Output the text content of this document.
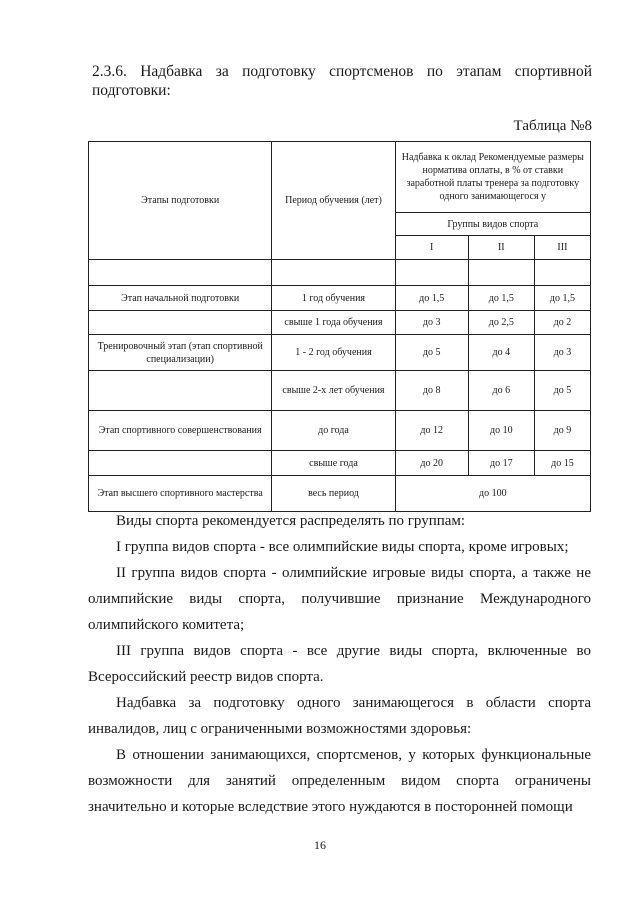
2.3.6. Надбавка за подготовку спортсменов по этапам спортивной подготовки:
Таблица №8
Этапы подготовки	Период обучения (лет)	Надбавка к оклад Рекомендуемые размеры норматива оплаты, в % от ставки заработной платы тренера за подготовку одного занимающегося у		
		Группы видов спорта		
		I	II	III

Этап начальной подготовки	1 год обучения	до 1,5	до 1,5	до 1,5
	свыше 1 года обучения	до 3	до 2,5	до 2
Тренировочный этап (этап спортивной специализации)	1 - 2 год обучения	до 5	до 4	до 3
	свыше 2-х лет обучения	до 8	до 6	до 5
Этап спортивного совершенствования	до года	до 12	до 10	до 9
	свыше года	до 20	до 17	до 15
Этап высшего спортивного мастерства	весь период	до 100		

Виды спорта рекомендуется распределять по группам:

I группа видов спорта - все олимпийские виды спорта, кроме игровых;

II группа видов спорта - олимпийские игровые виды спорта, а также не олимпийские виды спорта, получившие признание Международного олимпийского комитета;

III группа видов спорта - все другие виды спорта, включенные во Всероссийский реестр видов спорта.

Надбавка за подготовку одного занимающегося в области спорта инвалидов, лиц с ограниченными возможностями здоровья:

В отношении занимающихся, спортсменов, у которых функциональные возможности для занятий определенным видом спорта ограничены значительно и которые вследствие этого нуждаются в посторонней помощи

16
